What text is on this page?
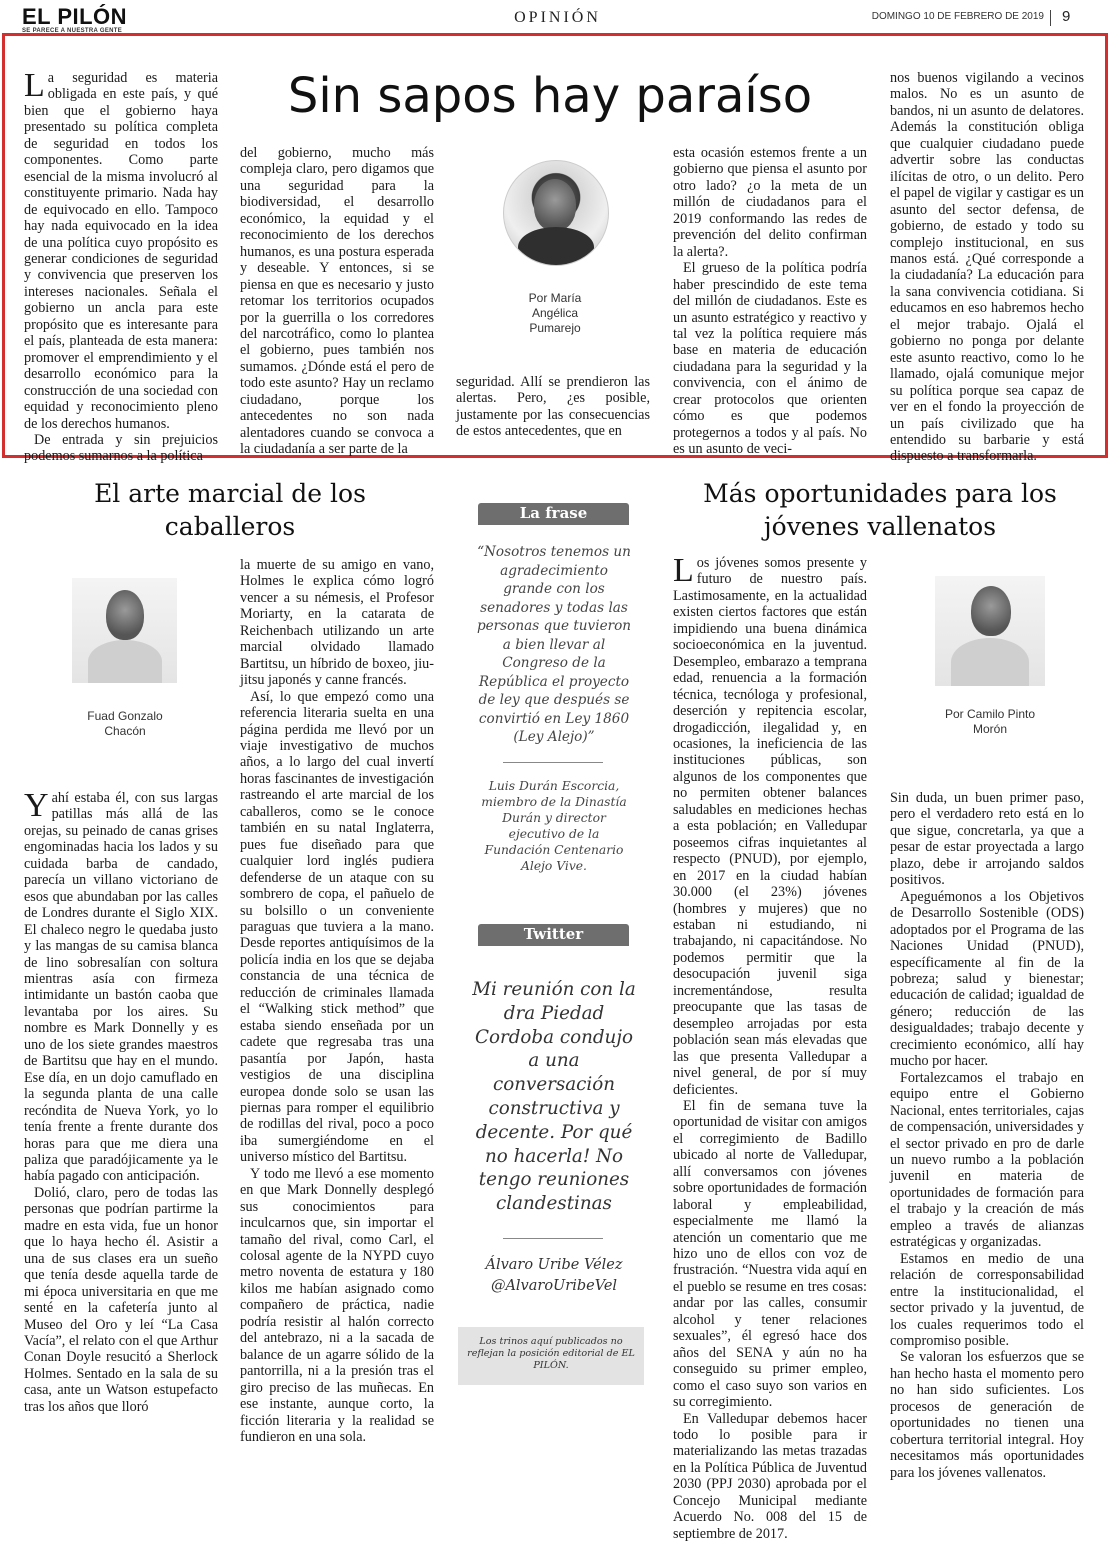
EL PILÓN
SE PARECE A NUESTRA GENTE
OPINIÓN	DOMINGO 10 DE FEBRERO DE 2019 9
Sin sapos hay paraíso

La seguridad es materia obligada en este país, y qué bien que el gobierno haya presentado su política completa de seguridad en todos los componentes. Como parte esencial de la misma involucró al constituyente primario. Nada hay de equivocado en ello. Tampoco hay nada equivocado en la idea de una política cuyo propósito es generar condiciones de seguridad y convivencia que preserven los intereses nacionales. Señala el gobierno un ancla para este propósito que es interesante para el país, planteada de esta manera: promover el emprendimiento y el desarrollo económico para la construcción de una sociedad con equidad y reconocimiento pleno de los derechos humanos.

De entrada y sin prejuicios podemos sumarnos a la política

del gobierno, mucho más compleja claro, pero digamos que una seguridad para la biodiversidad, el desarrollo económico, la equidad y el reconocimiento de los derechos humanos, es una postura esperada y deseable. Y entonces, si se piensa en que es necesario y justo retomar los territorios ocupados por la guerrilla o los corredores del narcotráfico, como lo plantea el gobierno, pues también nos sumamos. ¿Dónde está el pero de todo este asunto? Hay un reclamo ciudadano, porque los antecedentes no son nada alentadores cuando se convoca a la ciudadanía a ser parte de la

Por María
Angélica
Pumarejo

seguridad. Allí se prendieron las alertas. Pero, ¿es posible, justamente por las consecuencias de estos antecedentes, que en

esta ocasión estemos frente a un gobierno que piensa el asunto por otro lado? ¿o la meta de un millón de ciudadanos para el 2019 conformando las redes de prevención del delito confirman la alerta?.

El grueso de la política podría haber prescindido de este tema del millón de ciudadanos. Este es un asunto estratégico y reactivo y tal vez la política requiere más base en materia de educación ciudadana para la seguridad y la convivencia, con el ánimo de crear protocolos que orienten cómo es que podemos protegernos a todos y al país. No es un asunto de veci-

nos buenos vigilando a vecinos malos. No es un asunto de bandos, ni un asunto de delatores. Además la constitución obliga que cualquier ciudadano puede advertir sobre las conductas ilícitas de otro, o un delito. Pero el papel de vigilar y castigar es un asunto del sector defensa, de gobierno, de estado y todo su complejo institucional, en sus manos está. ¿Qué corresponde a la ciudadanía? La educación para la sana convivencia cotidiana. Si educamos en eso habremos hecho el mejor trabajo. Ojalá el gobierno no ponga por delante este asunto reactivo, como lo he llamado, ojalá comunique mejor su política porque sea capaz de ver en el fondo la proyección de un país civilizado que ha entendido su barbarie y está dispuesto a transformarla.

El arte marcial de los caballeros
Fuad Gonzalo
Chacón

Yahí estaba él, con sus largas patillas más allá de las orejas, su peinado de canas grises engominadas hacia los lados y su cuidada barba de candado, parecía un villano victoriano de esos que abundaban por las calles de Londres durante el Siglo XIX. El chaleco negro le quedaba justo y las mangas de su camisa blanca de lino sobresalían con soltura mientras asía con firmeza intimidante un bastón caoba que levantaba por los aires. Su nombre es Mark Donnelly y es uno de los siete grandes maestros de Bartitsu que hay en el mundo. Ese día, en un dojo camuflado en la segunda planta de una calle recóndita de Nueva York, yo lo tenía frente a frente durante dos horas para que me diera una paliza que paradójicamente ya le había pagado con anticipación.

Dolió, claro, pero de todas las personas que podrían partirme la madre en esta vida, fue un honor que lo haya hecho él. Asistir a una de sus clases era un sueño que tenía desde aquella tarde de mi época universitaria en que me senté en la cafetería junto al Museo del Oro y leí “La Casa Vacía”, el relato con el que Arthur Conan Doyle resucitó a Sherlock Holmes. Sentado en la sala de su casa, ante un Watson estupefacto tras los años que lloró

la muerte de su amigo en vano, Holmes le explica cómo logró vencer a su némesis, el Profesor Moriarty, en la catarata de Reichenbach utilizando un arte marcial olvidado llamado Bartitsu, un híbrido de boxeo, jiu-jitsu japonés y canne francés.

Así, lo que empezó como una referencia literaria suelta en una página perdida me llevó por un viaje investigativo de muchos años, a lo largo del cual invertí horas fascinantes de investigación rastreando el arte marcial de los caballeros, como se le conoce también en su natal Inglaterra, pues fue diseñado para que cualquier lord inglés pudiera defenderse de un ataque con su sombrero de copa, el pañuelo de su bolsillo o un conveniente paraguas que tuviera a la mano. Desde reportes antiquísimos de la policía india en los que se dejaba constancia de una técnica de reducción de criminales llamada el “Walking stick method” que estaba siendo enseñada por un cadete que regresaba tras una pasantía por Japón, hasta vestigios de una disciplina europea donde solo se usan las piernas para romper el equilibrio de rodillas del rival, poco a poco iba sumergiéndome en el universo místico del Bartitsu.

Y todo me llevó a ese momento en que Mark Donnelly desplegó sus conocimientos para inculcarnos que, sin importar el tamaño del rival, como Carl, el colosal agente de la NYPD cuyo metro noventa de estatura y 180 kilos me habían asignado como compañero de práctica, nadie podría resistir al halón correcto del antebrazo, ni a la sacada de balance de un agarre sólido de la pantorrilla, ni a la presión tras el giro preciso de las muñecas. En ese instante, aunque corto, la ficción literaria y la realidad se fundieron en una sola.

La frase
“Nosotros tenemos un agradecimiento grande con los senadores y todas las personas que tuvieron a bien llevar al Congreso de la República el proyecto de ley que después se convirtió en Ley 1860 (Ley Alejo)”
Luis Durán Escorcia, miembro de la Dinastía Durán y director ejecutivo de la Fundación Centenario Alejo Vive.
Twitter
Mi reunión con la dra Piedad Cordoba condujo a una conversación constructiva y decente. Por qué no hacerla! No tengo reuniones clandestinas
Álvaro Uribe Vélez
@AlvaroUribeVel
Los trinos aquí publicados no reflejan la posición editorial de EL PILÓN.
Más oportunidades para los jóvenes vallenatos
Por Camilo Pinto
Morón

Los jóvenes somos presente y futuro de nuestro país. Lastimosamente, en la actualidad existen ciertos factores que están impidiendo una buena dinámica socioeconómica en la juventud. Desempleo, embarazo a temprana edad, renuencia a la formación técnica, tecnóloga y profesional, deserción y repitencia escolar, drogadicción, ilegalidad y, en ocasiones, la ineficiencia de las instituciones públicas, son algunos de los componentes que no permiten obtener balances saludables en mediciones hechas a esta población; en Valledupar poseemos cifras inquietantes al respecto (PNUD), por ejemplo, en 2017 en la ciudad habían 30.000 (el 23%) jóvenes (hombres y mujeres) que no estaban ni estudiando, ni trabajando, ni capacitándose. No podemos permitir que la desocupación juvenil siga incrementándose, resulta preocupante que las tasas de desempleo arrojadas por esta población sean más elevadas que las que presenta Valledupar a nivel general, de por sí muy deficientes.

El fin de semana tuve la oportunidad de visitar con amigos el corregimiento de Badillo ubicado al norte de Valledupar, allí conversamos con jóvenes sobre oportunidades de formación laboral y empleabilidad, especialmente me llamó la atención un comentario que me hizo uno de ellos con voz de frustración. “Nuestra vida aquí en el pueblo se resume en tres cosas: andar por las calles, consumir alcohol y tener relaciones sexuales”, él egresó hace dos años del SENA y aún no ha conseguido su primer empleo, como el caso suyo son varios en su corregimiento.

En Valledupar debemos hacer todo lo posible para ir materializando las metas trazadas en la Política Pública de Juventud 2030 (PPJ 2030) aprobada por el Concejo Municipal mediante Acuerdo No. 008 del 15 de septiembre de 2017.

Sin duda, un buen primer paso, pero el verdadero reto está en lo que sigue, concretarla, ya que a pesar de estar proyectada a largo plazo, debe ir arrojando saldos positivos.

Apeguémonos a los Objetivos de Desarrollo Sostenible (ODS) adoptados por el Programa de las Naciones Unidad (PNUD), específicamente al fin de la pobreza; salud y bienestar; educación de calidad; igualdad de género; reducción de las desigualdades; trabajo decente y crecimiento económico, allí hay mucho por hacer.

Fortalezcamos el trabajo en equipo entre el Gobierno Nacional, entes territoriales, cajas de compensación, universidades y el sector privado en pro de darle un nuevo rumbo a la población juvenil en materia de oportunidades de formación para el trabajo y la creación de más empleo a través de alianzas estratégicas y organizadas.

Estamos en medio de una relación de corresponsabilidad entre la institucionalidad, el sector privado y la juventud, de los cuales requerimos todo el compromiso posible.

Se valoran los esfuerzos que se han hecho hasta el momento pero no han sido suficientes. Los procesos de generación de oportunidades no tienen una cobertura territorial integral. Hoy necesitamos más oportunidades para los jóvenes vallenatos.
